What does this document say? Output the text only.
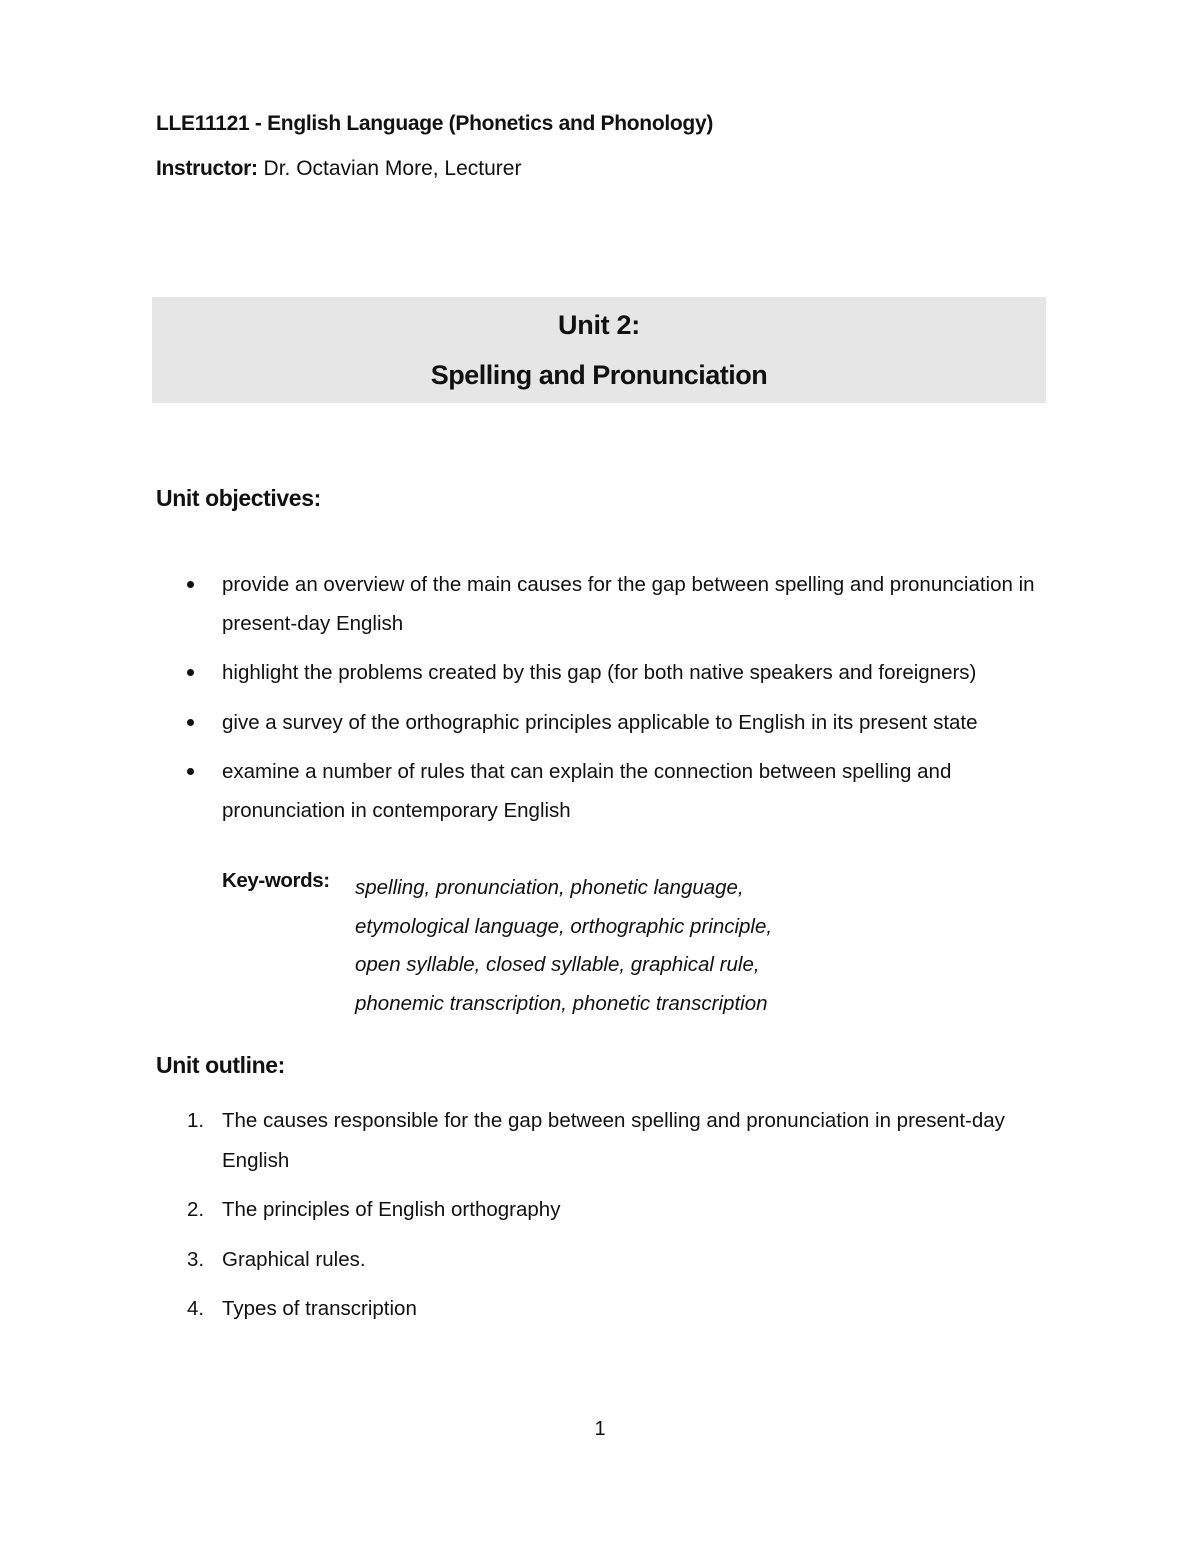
LLE11121 - English Language (Phonetics and Phonology)
Instructor: Dr. Octavian More, Lecturer
Unit 2:
Spelling and Pronunciation
Unit objectives:
provide an overview of the main causes for the gap between spelling and pronunciation in present-day English
highlight the problems created by this gap (for both native speakers and foreigners)
give a survey of the orthographic principles applicable to English in its present state
examine a number of rules that can explain the connection between spelling and pronunciation in contemporary English
Key-words: spelling, pronunciation, phonetic language,
etymological language, orthographic principle,
open syllable, closed syllable, graphical rule,
phonemic transcription, phonetic transcription
Unit outline:
1. The causes responsible for the gap between spelling and pronunciation in present-day English
2. The principles of English orthography
3. Graphical rules.
4. Types of transcription
1
